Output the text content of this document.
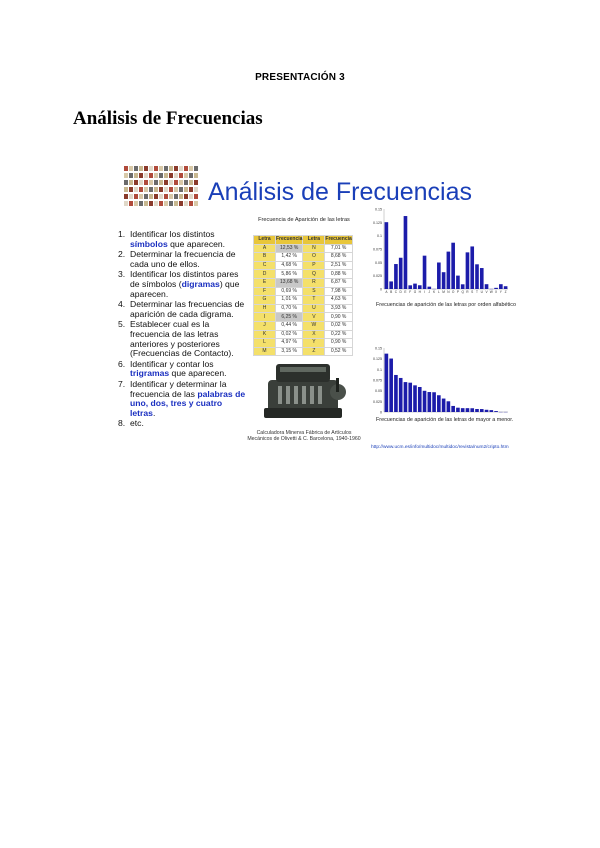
PRESENTACIÓN 3
Análisis de Frecuencias
Análisis de Frecuencias
1. Identificar los distintos símbolos que aparecen.
2. Determinar la frecuencia de cada uno de ellos.
3. Identificar los distintos pares de símbolos (digramas) que aparecen.
4. Determinar las frecuencias de aparición de cada digrama.
5. Establecer cual es la frecuencia de las letras anteriores y posteriores (Frecuencias de Contacto).
6. Identificar y contar los trigramas que aparecen.
7. Identificar y determinar la frecuencia de las palabras de uno, dos, tres y cuatro letras.
8. etc.
Frecuencia de Aparición de las letras
Letra	Frecuencia	Letra	Frecuencia
A	12,53 %	N	7,01 %
B	1,42 %	O	8,68 %
C	4,68 %	P	2,51 %
D	5,86 %	Q	0,88 %
E	13,68 %	R	6,87 %
F	0,69 %	S	7,98 %
G	1,01 %	T	4,63 %
H	0,70 %	U	3,93 %
I	6,25 %	V	0,90 %
J	0,44 %	W	0,02 %
K	0,02 %	X	0,22 %
L	4,97 %	Y	0,90 %
M	3,15 %	Z	0,52 %
Calculadora Minerva Fábrica de Artículos Mecánicos de Olivetti & C. Barcelona, 1940-1960
0.15
0.125
0.1
0.075
0.05
0.025
0
A B C D E F G H I J K L M N O P Q R S T U V W X Y Z
Frecuencias de aparición de las letras por orden alfabético
0.15
0.125
0.1
0.075
0.05
0.025
0
Frecuencias de aparición de las letras de mayor a menor.
http://www.ucm.es/info/multidoc/multidoc/revista/num2/cripto.htm
